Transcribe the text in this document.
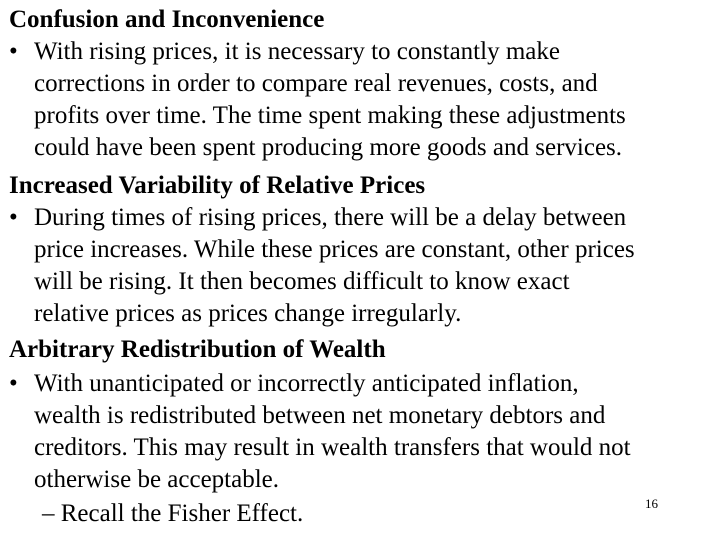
Confusion and Inconvenience
• With rising prices, it is necessary to constantly make
corrections in order to compare real revenues, costs, and
profits over time. The time spent making these adjustments
could have been spent producing more goods and services.
Increased Variability of Relative Prices
• During times of rising prices, there will be a delay between
price increases. While these prices are constant, other prices
will be rising. It then becomes difficult to know exact
relative prices as prices change irregularly.
Arbitrary Redistribution of Wealth
• With unanticipated or incorrectly anticipated inflation,
wealth is redistributed between net monetary debtors and
creditors. This may result in wealth transfers that would not
otherwise be acceptable.
– Recall the Fisher Effect.	16
